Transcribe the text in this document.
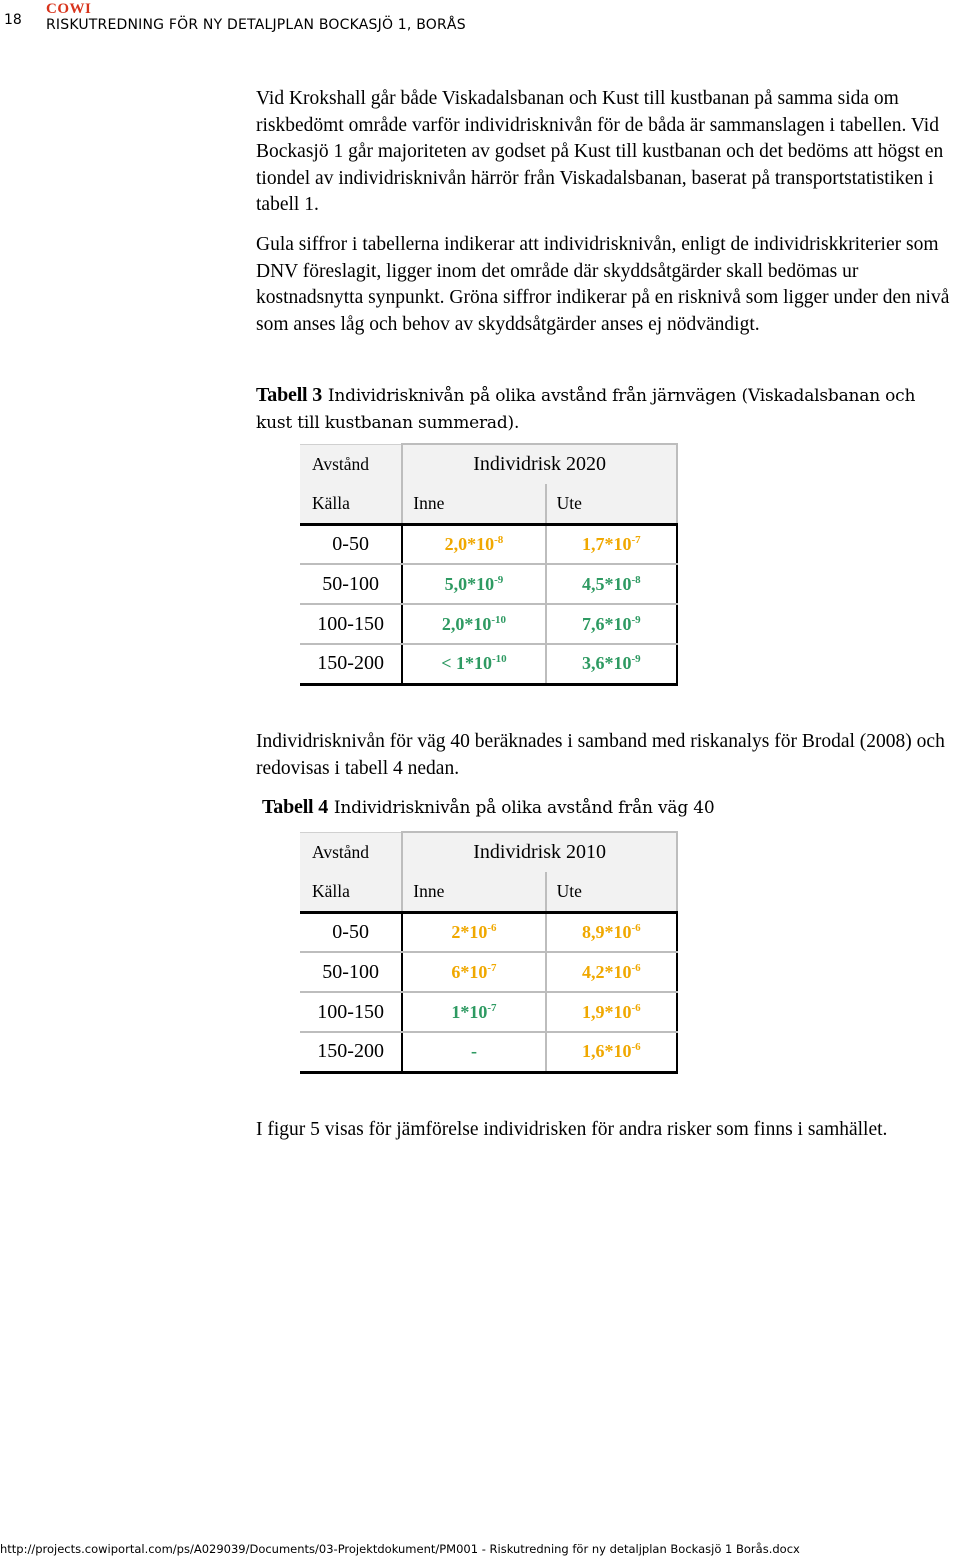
18
COWI
RISKUTREDNING FÖR NY DETALJPLAN BOCKASJÖ 1, BORÅS

Vid Krokshall går både Viskadalsbanan och Kust till kustbanan på samma sida om riskbedömt område varför individrisknivån för de båda är sammanslagen i tabellen. Vid Bockasjö 1 går majoriteten av godset på Kust till kustbanan och det bedöms att högst en tiondel av individrisknivån härrör från Viskadalsbanan, baserat på transportstatistiken i tabell 1.

Gula siffror i tabellerna indikerar att individrisknivån, enligt de individriskkriterier som DNV föreslagit, ligger inom det område där skyddsåtgärder skall bedömas ur kostnadsnytta synpunkt. Gröna siffror indikerar på en risknivå som ligger under den nivå som anses låg och behov av skyddsåtgärder anses ej nödvändigt.

Tabell 3 Individrisknivån på olika avstånd från järnvägen (Viskadalsbanan och kust till kustbanan summerad).

Individrisknivån för väg 40 beräknades i samband med riskanalys för Brodal (2008) och redovisas i tabell 4 nedan.

Tabell 4 Individrisknivån på olika avstånd från väg 40

I figur 5 visas för jämförelse individrisken för andra risker som finns i samhället.

Avstånd	Individrisk 2020	
Källa	Inne	Ute
0-50	$2,0*10^{-8}$	$1,7*10^{-7}$
50-100	$5,0*10^{-9}$	$4,5*10^{-8}$
100-150	$2,0*10^{-10}$	$7,6*10^{-9}$
150-200	< $1*10^{-10}$	$3,6*10^{-9}$
Avstånd	Individrisk 2010	
Källa	Inne	Ute
0-50	$2*10^{-6}$	$8,9*10^{-6}$
50-100	$6*10^{-7}$	$4,2*10^{-6}$
100-150	$1*10^{-7}$	$1,9*10^{-6}$
150-200	-	$1,6*10^{-6}$
http://projects.cowiportal.com/ps/A029039/Documents/03-Projektdokument/PM001 - Riskutredning för ny detaljplan Bockasjö 1 Borås.docx
